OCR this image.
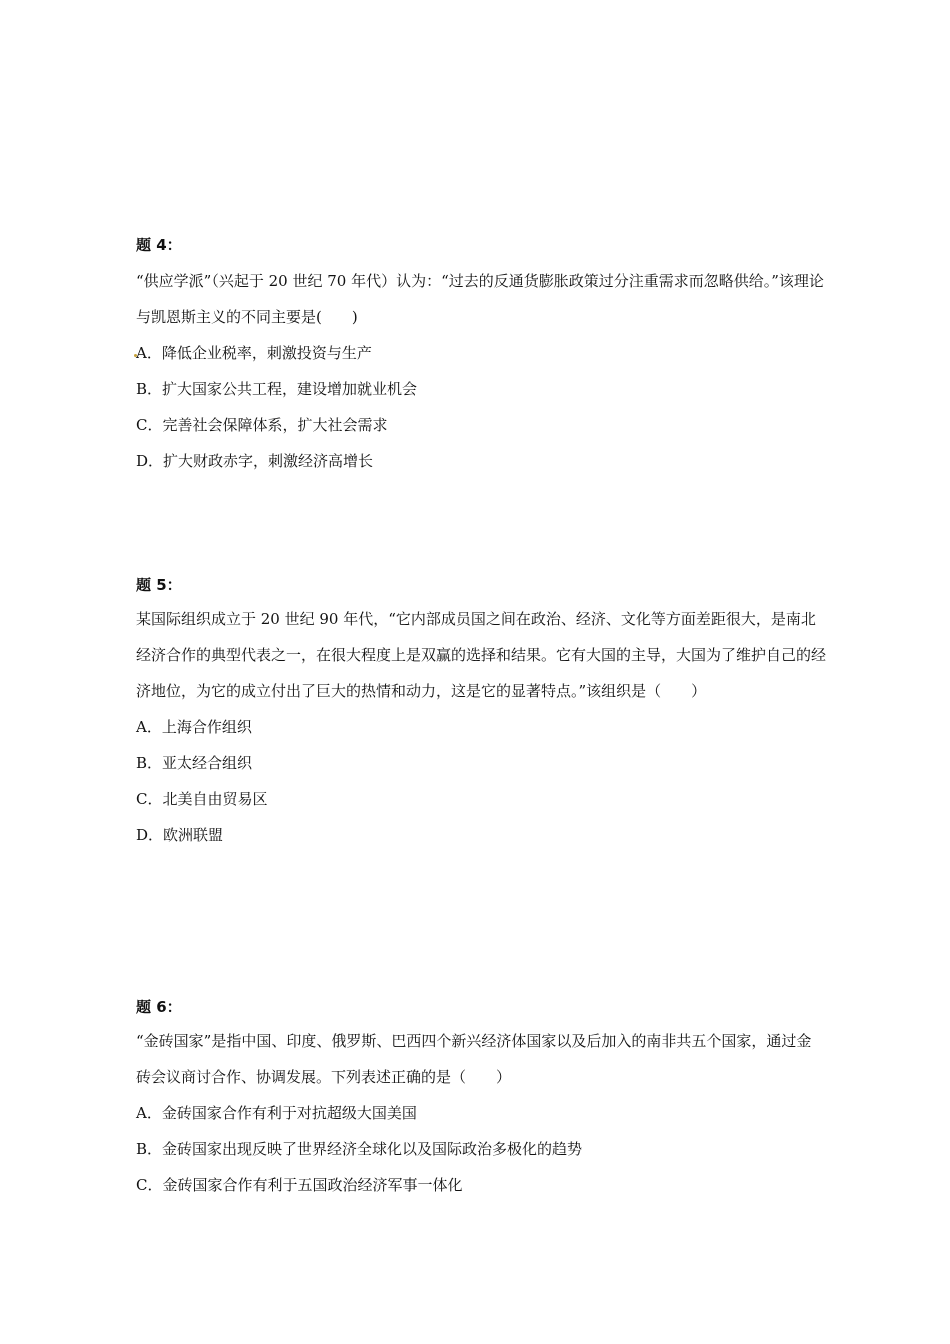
题 4：

“供应学派”（兴起于 20 世纪 70 年代）认为：“过去的反通货膨胀政策过分注重需求而忽略供给。”该理论与凯恩斯主义的不同主要是(　　)

A．降低企业税率，刺激投资与生产
B．扩大国家公共工程，建设增加就业机会
C．完善社会保障体系，扩大社会需求
D．扩大财政赤字，刺激经济高增长
题 5：

某国际组织成立于 20 世纪 90 年代，“它内部成员国之间在政治、经济、文化等方面差距很大，是南北经济合作的典型代表之一，在很大程度上是双赢的选择和结果。它有大国的主导，大国为了维护自己的经济地位，为它的成立付出了巨大的热情和动力，这是它的显著特点。”该组织是（　　）

A．上海合作组织
B．亚太经合组织
C．北美自由贸易区
D．欧洲联盟
题 6：

“金砖国家”是指中国、印度、俄罗斯、巴西四个新兴经济体国家以及后加入的南非共五个国家，通过金砖会议商讨合作、协调发展。下列表述正确的是（　　）

A．金砖国家合作有利于对抗超级大国美国
B．金砖国家出现反映了世界经济全球化以及国际政治多极化的趋势
C．金砖国家合作有利于五国政治经济军事一体化
